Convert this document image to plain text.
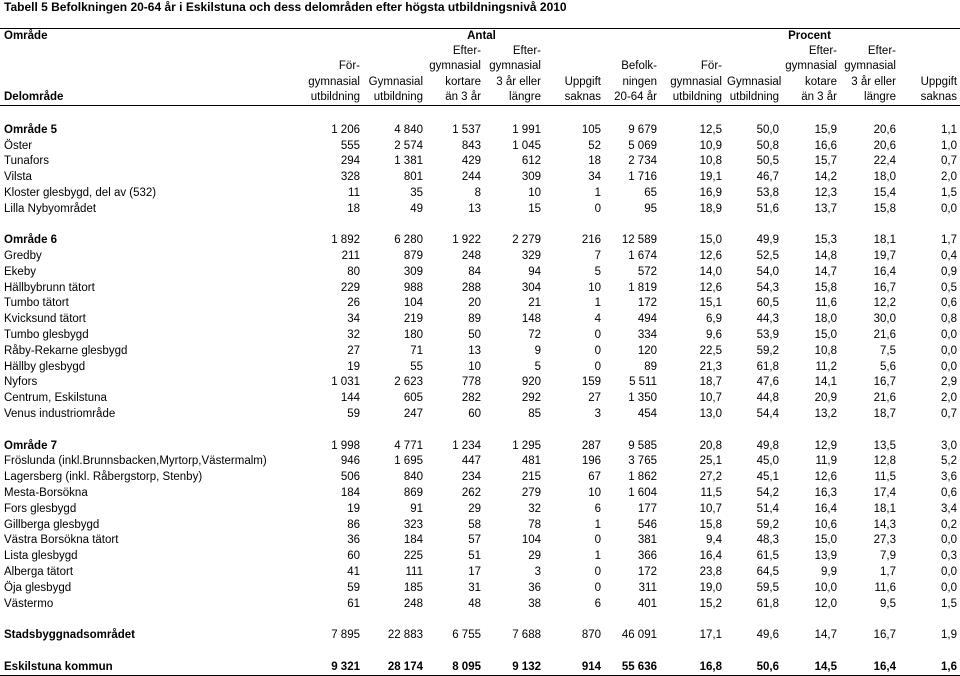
Tabell 5 Befolkningen 20-64 år i Eskilstuna och dess delområden efter högsta utbildningsnivå 2010
Område	Antal						Procent				
			Efter-	Efter-					Efter-	Efter-	
	För-		gymnasial	gymnasial		Befolk-	För-		gymnasial	gymnasial	
	gymnasial	Gymnasial	kortare	3 år eller	Uppgift	ningen	gymnasial	Gymnasial	kotare	3 år eller	Uppgift
Delområde	utbildning	utbildning	än 3 år	längre	saknas	20-64 år	utbildning	utbildning	än 3 år	längre	saknas

Område 5	1 206	4 840	1 537	1 991	105	9 679	12,5	50,0	15,9	20,6	1,1
Öster	555	2 574	843	1 045	52	5 069	10,9	50,8	16,6	20,6	1,0
Tunafors	294	1 381	429	612	18	2 734	10,8	50,5	15,7	22,4	0,7
Vilsta	328	801	244	309	34	1 716	19,1	46,7	14,2	18,0	2,0
Kloster glesbygd, del av (532)	11	35	8	10	1	65	16,9	53,8	12,3	15,4	1,5
Lilla Nybyområdet	18	49	13	15	0	95	18,9	51,6	13,7	15,8	0,0

Område 6	1 892	6 280	1 922	2 279	216	12 589	15,0	49,9	15,3	18,1	1,7
Gredby	211	879	248	329	7	1 674	12,6	52,5	14,8	19,7	0,4
Ekeby	80	309	84	94	5	572	14,0	54,0	14,7	16,4	0,9
Hällbybrunn tätort	229	988	288	304	10	1 819	12,6	54,3	15,8	16,7	0,5
Tumbo tätort	26	104	20	21	1	172	15,1	60,5	11,6	12,2	0,6
Kvicksund tätort	34	219	89	148	4	494	6,9	44,3	18,0	30,0	0,8
Tumbo glesbygd	32	180	50	72	0	334	9,6	53,9	15,0	21,6	0,0
Råby-Rekarne glesbygd	27	71	13	9	0	120	22,5	59,2	10,8	7,5	0,0
Hällby glesbygd	19	55	10	5	0	89	21,3	61,8	11,2	5,6	0,0
Nyfors	1 031	2 623	778	920	159	5 511	18,7	47,6	14,1	16,7	2,9
Centrum, Eskilstuna	144	605	282	292	27	1 350	10,7	44,8	20,9	21,6	2,0
Venus industriområde	59	247	60	85	3	454	13,0	54,4	13,2	18,7	0,7

Område 7	1 998	4 771	1 234	1 295	287	9 585	20,8	49,8	12,9	13,5	3,0
Fröslunda (inkl.Brunnsbacken,Myrtorp,Västermalm)	946	1 695	447	481	196	3 765	25,1	45,0	11,9	12,8	5,2
Lagersberg (inkl. Råbergstorp, Stenby)	506	840	234	215	67	1 862	27,2	45,1	12,6	11,5	3,6
Mesta-Borsökna	184	869	262	279	10	1 604	11,5	54,2	16,3	17,4	0,6
Fors glesbygd	19	91	29	32	6	177	10,7	51,4	16,4	18,1	3,4
Gillberga glesbygd	86	323	58	78	1	546	15,8	59,2	10,6	14,3	0,2
Västra Borsökna tätort	36	184	57	104	0	381	9,4	48,3	15,0	27,3	0,0
Lista glesbygd	60	225	51	29	1	366	16,4	61,5	13,9	7,9	0,3
Alberga tätort	41	111	17	3	0	172	23,8	64,5	9,9	1,7	0,0
Öja glesbygd	59	185	31	36	0	311	19,0	59,5	10,0	11,6	0,0
Västermo	61	248	48	38	6	401	15,2	61,8	12,0	9,5	1,5

Stadsbyggnadsområdet	7 895	22 883	6 755	7 688	870	46 091	17,1	49,6	14,7	16,7	1,9

Eskilstuna kommun	9 321	28 174	8 095	9 132	914	55 636	16,8	50,6	14,5	16,4	1,6
